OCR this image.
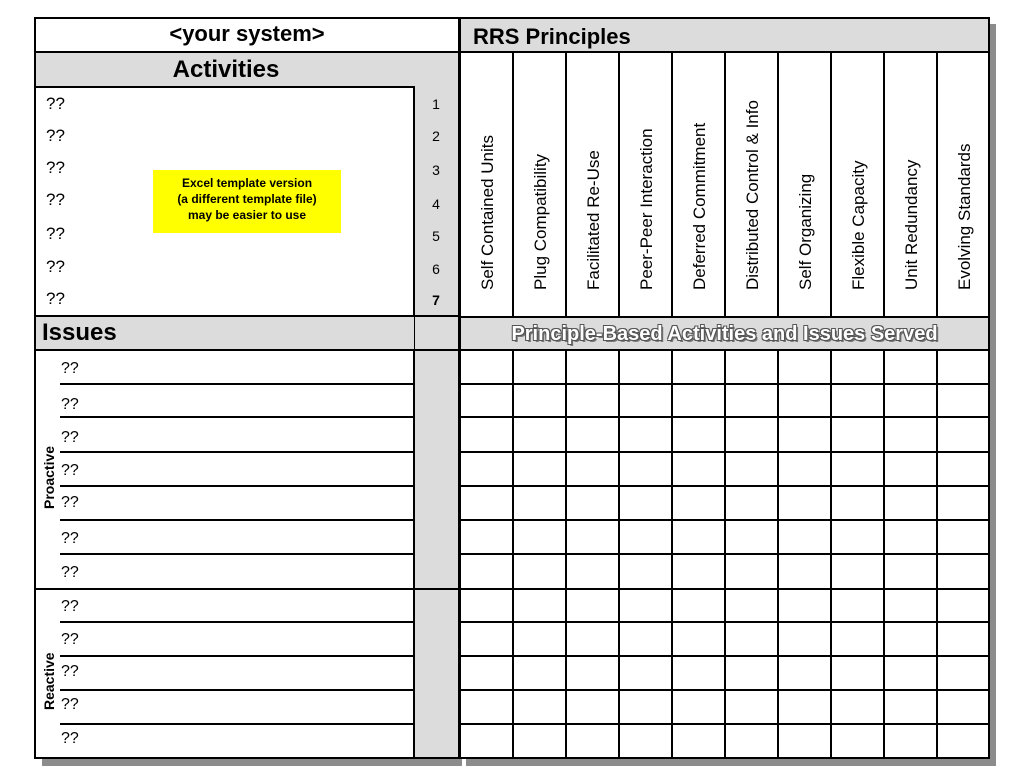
<your system>
Activities
??
??
??
??
??
??
??
1
2
3
4
5
6
7
Excel template version
(a different template file)
may be easier to use
Issues
??
??
??
??
??
??
??
Proactive
??
??
??
??
??
Reactive
RRS Principles
Self Contained Units Plug Compatibility Facilitated Re-Use Peer-Peer Interaction Deferred Commitment Distributed Control & Info Self Organizing Flexible Capacity Unit Redundancy Evolving Standards
Principle-Based Activities and Issues Served
